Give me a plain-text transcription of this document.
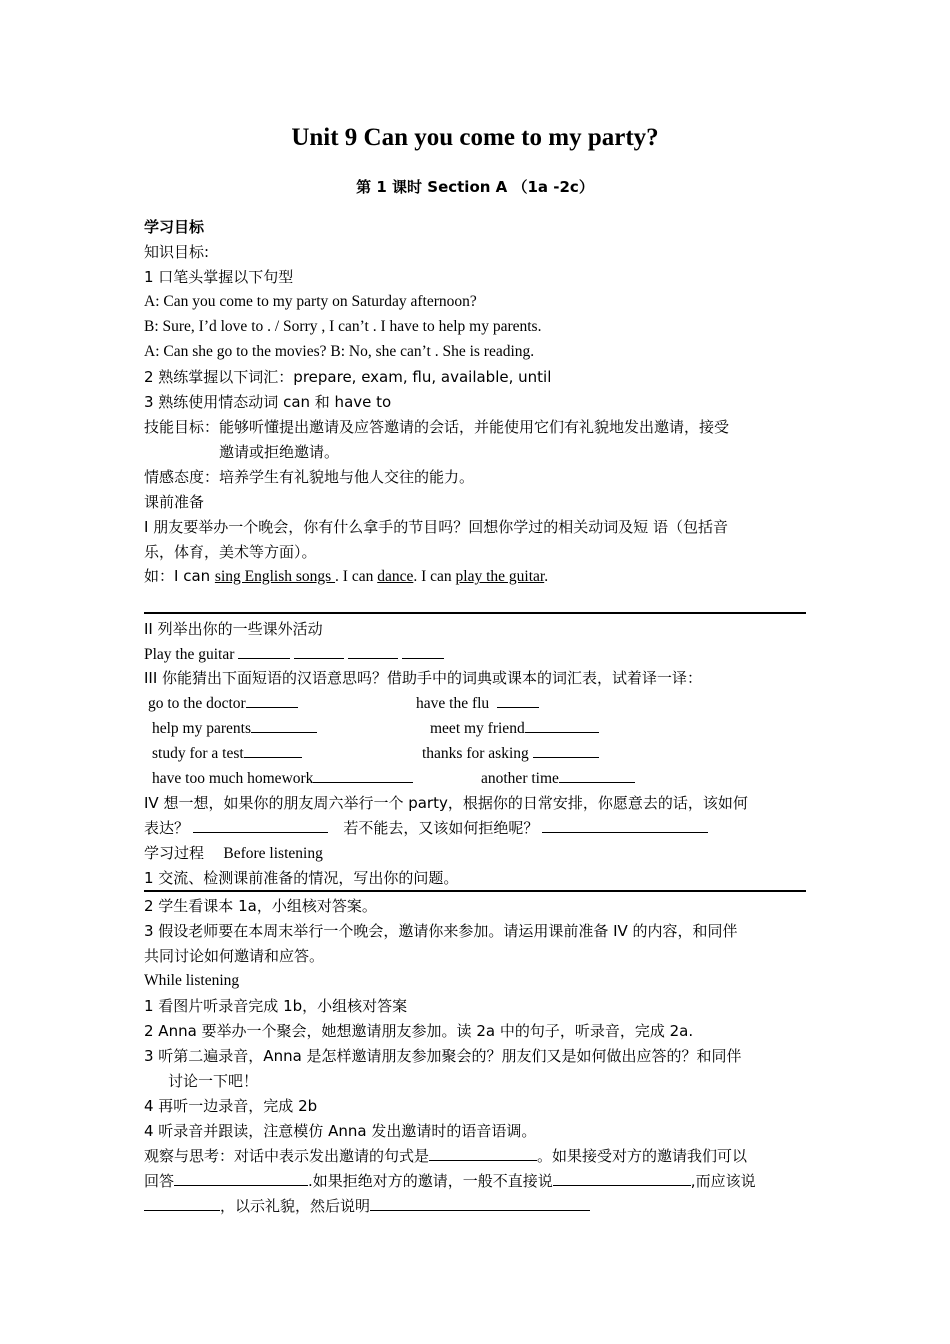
Unit 9 Can you come to my party?
第 1 课时 Section A （1a -2c）
学习目标
知识目标:
1 口笔头掌握以下句型
A: Can you come to my party on Saturday afternoon?
B: Sure, I’d love to . / Sorry , I can’t . I have to help my parents.
A: Can she go to the movies? B: No, she can’t . She is reading.
2 熟练掌握以下词汇：prepare, exam, flu, available, until
3 熟练使用情态动词 can 和 have to
技能目标：能够听懂提出邀请及应答邀请的会话，并能使用它们有礼貌地发出邀请，接受
邀请或拒绝邀请。
情感态度：培养学生有礼貌地与他人交往的能力。
课前准备
I 朋友要举办一个晚会，你有什么拿手的节目吗？回想你学过的相关动词及短 语（包括音
乐，体育，美术等方面）。
如：I can sing English songs . I can dance. I can play the guitar.
II 列举出你的一些课外活动
Play the guitar
III 你能猜出下面短语的汉语意思吗？借助手中的词典或课本的词汇表，试着译一译：
go to the doctor	have the flu
help my parents	meet my friend
study for a test	thanks for asking
have too much homework	another time
IV 想一想，如果你的朋友周六举行一个 party，根据你的日常安排，你愿意去的话，该如何
表达？	若不能去，又该如何拒绝呢？
学习过程 Before listening
1 交流、检测课前准备的情况，写出你的问题。
2 学生看课本 1a，小组核对答案。
3 假设老师要在本周末举行一个晚会，邀请你来参加。请运用课前准备 IV 的内容，和同伴
共同讨论如何邀请和应答。
While listening
1 看图片听录音完成 1b，小组核对答案
2 Anna 要举办一个聚会，她想邀请朋友参加。读 2a 中的句子，听录音，完成 2a.
3 听第二遍录音，Anna 是怎样邀请朋友参加聚会的？朋友们又是如何做出应答的？和同伴
讨论一下吧！
4 再听一边录音，完成 2b
4 听录音并跟读，注意模仿 Anna 发出邀请时的语音语调。
观察与思考：对话中表示发出邀请的句式是	。如果接受对方的邀请我们可以
回答	.如果拒绝对方的邀请，一般不直接说	,而应该说
，以示礼貌，然后说明
